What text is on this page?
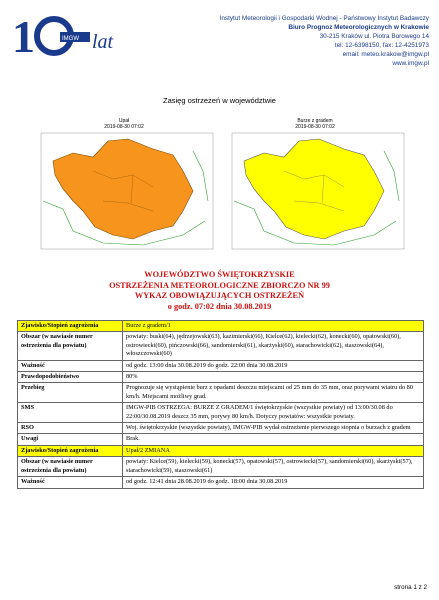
1	IMGW lat
Instytut Meteorologii i Gospodarki Wodnej - Państwowy Instytut Badawczy
Biuro Prognoz Meteorologicznych w Krakowie
30-215 Kraków ul. Piotra Borowego 14
tel: 12-6398150, fax: 12-4251973
email: meteo.krakow@imgw.pl
www.imgw.pl
Zasięg ostrzeżeń w województwie
Upał
2019-08-30 07:02
Burze z gradem
2019-08-30 07:02
WOJEWÓDZTWO ŚWIĘTOKRZYSKIE
OSTRZEŻENIA METEOROLOGICZNE ZBIORCZO NR 99
WYKAZ OBOWIĄZUJĄCYCH OSTRZEŻEŃ
o godz. 07:02 dnia 30.08.2019
Zjawisko/Stopień zagrożenia	Burze z gradem/1
Obszar (w nawiasie numer ostrzeżenia dla powiatu)	powiaty: buski(64), jędrzejowski(63), kazimierski(66), Kielce(62), kielecki(62), konecki(60), opatowski(60), ostrowiecki(60), pińczowski(66), sandomierski(61), skarżyski(60), starachowicki(62), staszowski(64), włoszczowski(60)
Ważność	od godz. 13:00 dnia 30.08.2019 do godz. 22:00 dnia 30.08.2019
Prawdopodobieństwo	80%
Przebieg	Prognozuje się wystąpienie burz z opadami deszczu miejscami od 25 mm do 35 mm, oraz porywami wiatru do 80 km/h. Miejscami możliwy grad.
SMS	IMGW-PIB OSTRZEGA: BURZE Z GRADEM/1 świętokrzyskie (wszystkie powiaty) od 13:00/30.08 do 22:00/30.08.2019 deszcz 35 mm, porywy 80 km/h. Dotyczy powiatów: wszystkie powiaty.
RSO	Woj. świętokrzyskie (wszystkie powiaty), IMGW-PIB wydał ostrzeżenie pierwszego stopnia o burzach z gradem
Uwagi	Brak.
Zjawisko/Stopień zagrożenia	Upał/2 ZMIANA
Obszar (w nawiasie numer ostrzeżenia dla powiatu)	powiaty: Kielce(59), kielecki(59), konecki(57), opatowski(57), ostrowiecki(57), sandomierski(60), skarżyski(57), starachowicki(59), staszowski(61)
Ważność	od godz. 12:41 dnia 28.08.2019 do godz. 18:00 dnia 30.08.2019
strona 1 z 2
